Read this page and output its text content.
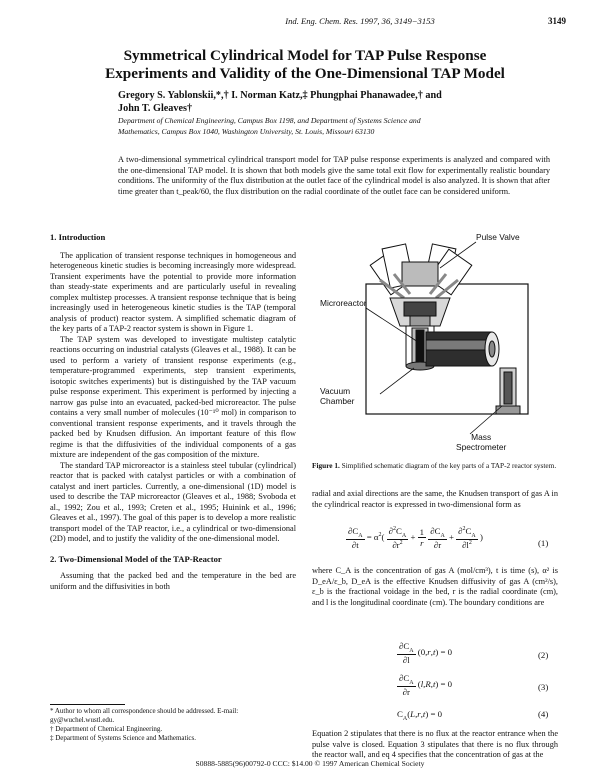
Ind. Eng. Chem. Res. 1997, 36, 3149−3153	3149
Symmetrical Cylindrical Model for TAP Pulse Response
Experiments and Validity of the One-Dimensional TAP Model
Gregory S. Yablonskii,*,† I. Norman Katz,‡ Phungphai Phanawadee,† and
John T. Gleaves†
Department of Chemical Engineering, Campus Box 1198, and Department of Systems Science and
Mathematics, Campus Box 1040, Washington University, St. Louis, Missouri 63130
A two-dimensional symmetrical cylindrical transport model for TAP pulse response experiments is analyzed and compared with the one-dimensional TAP model. It is shown that both models give the same total exit flow for experimentally realistic boundary conditions. The uniformity of the flux distribution at the outlet face of the cylindrical model is also analyzed. It is shown that after time greater than t_peak/60, the flux distribution on the radial coordinate of the outlet face can be considered uniform.
1. Introduction

The application of transient response techniques in homogeneous and heterogeneous kinetic studies is becoming increasingly more widespread. Transient experiments have the potential to provide more information than steady-state experiments and are particularly useful in revealing complex multistep processes. A transient response technique that is being increasingly used in heterogeneous kinetic studies is the TAP (temporal analysis of product) reactor system. A simplified schematic diagram of the key parts of a TAP-2 reactor system is shown in Figure 1.

The TAP system was developed to investigate multistep catalytic reactions occurring on industrial catalysts (Gleaves et al., 1988). It can be used to perform a variety of transient response experiments (e.g., temperature-programmed experiments, step transient experiments, isotopic switches experiments) but is distinguished by the TAP vacuum pulse response experiment. This experiment is performed by injecting a narrow gas pulse into an evacuated, packed-bed microreactor. The pulse contains a very small number of molecules (10⁻¹⁰ mol) in comparison to conventional transient response experiments, and it travels through the packed bed by Knudsen diffusion. An important feature of this flow regime is that the diffusivities of the individual components of a gas mixture are independent of the gas composition of the mixture.

The standard TAP microreactor is a stainless steel tubular (cylindrical) reactor that is packed with catalyst particles or with a combination of catalyst and inert particles. Currently, a one-dimensional (1D) model is used to describe the TAP microreactor (Gleaves et al., 1988; Svoboda et al., 1992; Zou et al., 1993; Creten et al., 1995; Huinink et al., 1996; Gleaves et al., 1997). The goal of this paper is to develop a more realistic transport model of the TAP reactor, i.e., a cylindrical or two-dimensional (2D) model, and to justify the validity of the one-dimensional model.

2. Two-Dimensional Model of the TAP-Reactor

Assuming that the packed bed and the temperature in the bed are uniform and the diffusivities in both

Pulse Valve
Microreactor
Vacuum
Chamber
Mass
Spectrometer
Figure 1. Simplified schematic diagram of the key parts of a TAP-2 reactor system.
radial and axial directions are the same, the Knudsen transport of gas A in the cylindrical reactor is expressed in two-dimensional form as
$\frac{\partial C_A}{\partial t} = \alpha^2( \frac{\partial^2C_A}{\partial r^2} + \frac{1}{r}$
$\frac{\partial C_A}{\partial r} + \frac{\partial^2C_A}{\partial l^2}$ )
(1)
where C_A is the concentration of gas A (mol/cm³), t is time (s), α² is D_eA/ε_b, D_eA is the effective Knudsen diffusivity of gas A (cm²/s), ε_b is the fractional voidage in the bed, r is the radial coordinate (cm), and l is the longitudinal coordinate (cm). The boundary conditions are
$\frac{\partial C_A}{\partial l} (0,r,t) = 0$	(2)
$\frac{\partial C_A}{\partial r} (l,R,t) = 0$	(3)
$C_A(L,r,t) = 0$	(4)
Equation 2 stipulates that there is no flux at the reactor entrance when the pulse valve is closed. Equation 3 stipulates that there is no flux through the reactor wall, and eq 4 specifies that the concentration of gas at the
* Author to whom all correspondence should be addressed. E-mail: gy@wuchel.wustl.edu.
† Department of Chemical Engineering.
‡ Department of Systems Science and Mathematics.
S0888-5885(96)00792-0 CCC: $14.00 © 1997 American Chemical Society
